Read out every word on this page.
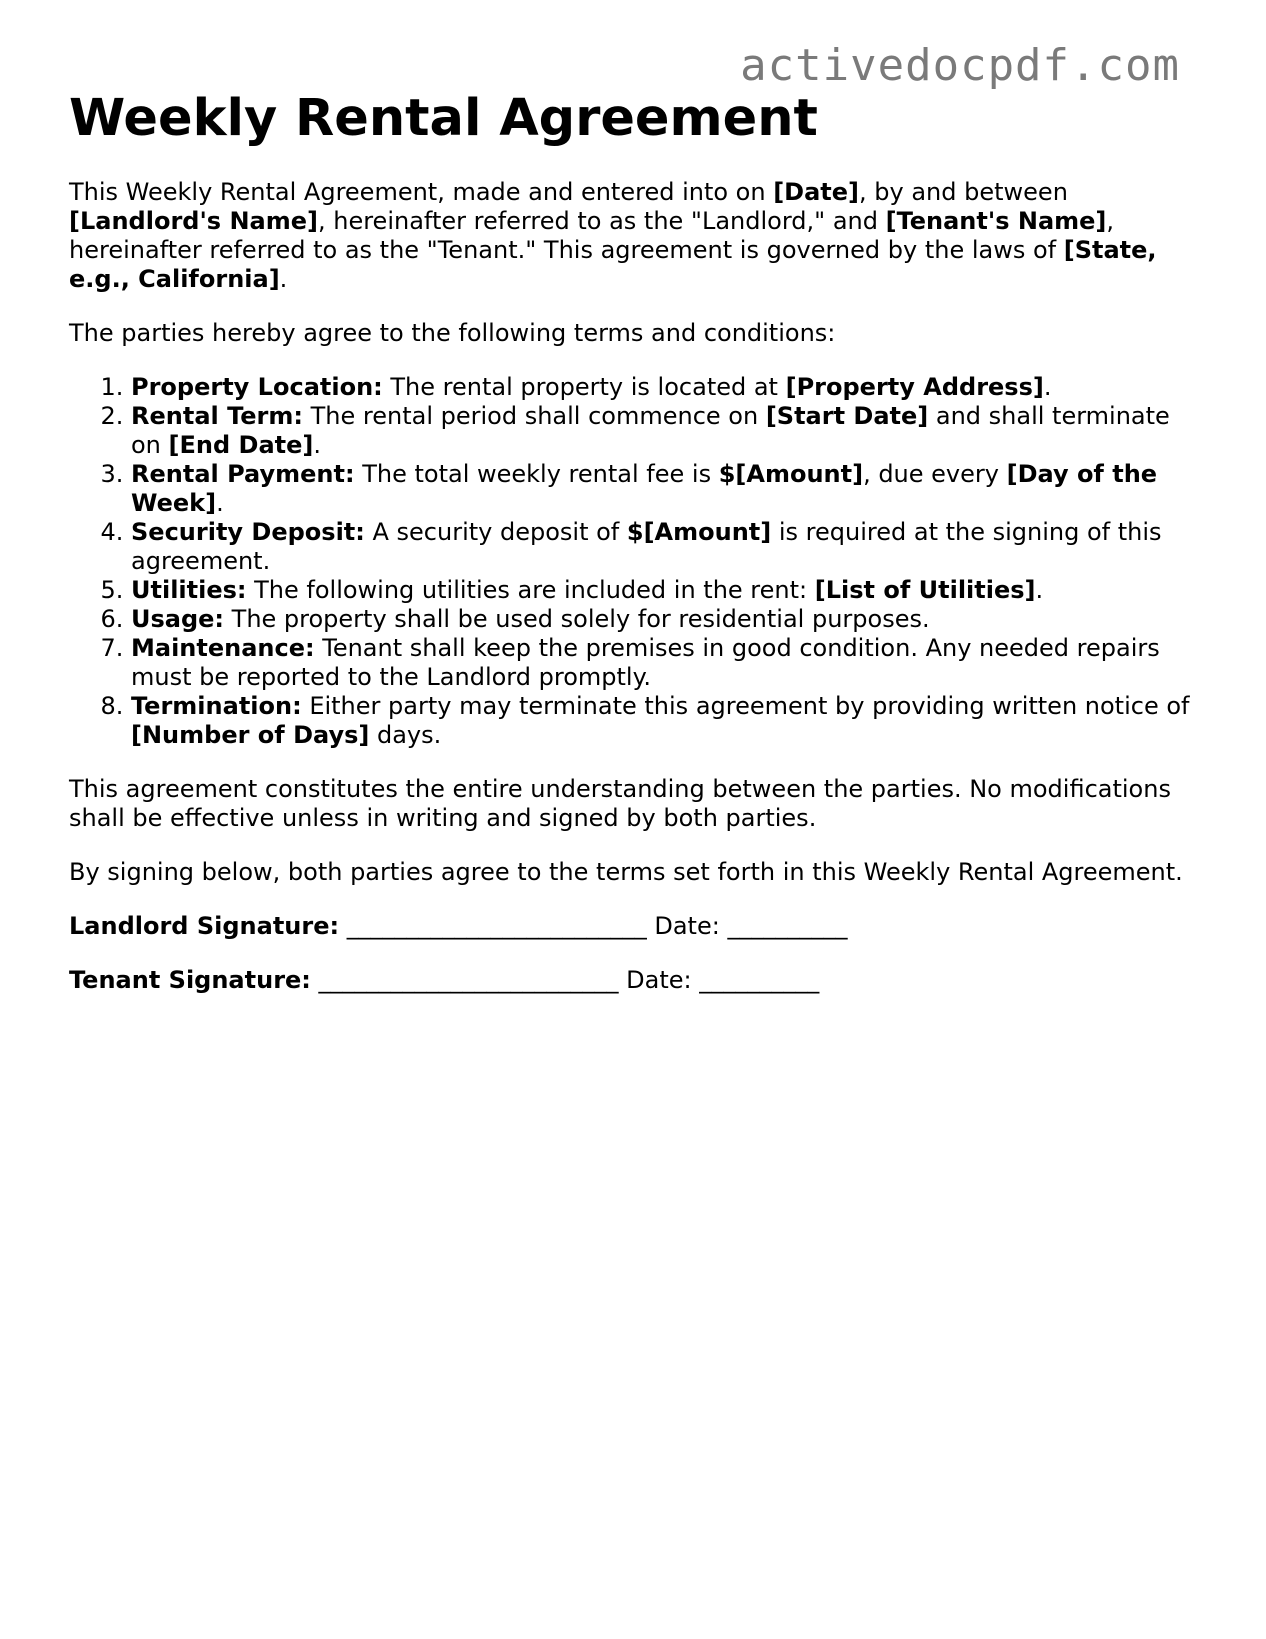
activedocpdf.com
Weekly Rental Agreement

This Weekly Rental Agreement, made and entered into on [Date], by and between [Landlord's Name], hereinafter referred to as the "Landlord," and [Tenant's Name], hereinafter referred to as the "Tenant." This agreement is governed by the laws of [State, e.g., California].

The parties hereby agree to the following terms and conditions:

1. Property Location: The rental property is located at [Property Address].
2. Rental Term: The rental period shall commence on [Start Date] and shall terminate on [End Date].
3. Rental Payment: The total weekly rental fee is $[Amount], due every [Day of the Week].
4. Security Deposit: A security deposit of $[Amount] is required at the signing of this agreement.
5. Utilities: The following utilities are included in the rent: [List of Utilities].
6. Usage: The property shall be used solely for residential purposes.
7. Maintenance: Tenant shall keep the premises in good condition. Any needed repairs must be reported to the Landlord promptly.
8. Termination: Either party may terminate this agreement by providing written notice of [Number of Days] days.

This agreement constitutes the entire understanding between the parties. No modifications shall be effective unless in writing and signed by both parties.

By signing below, both parties agree to the terms set forth in this Weekly Rental Agreement.

Landlord Signature: _________________________ Date: __________

Tenant Signature: _________________________ Date: __________
